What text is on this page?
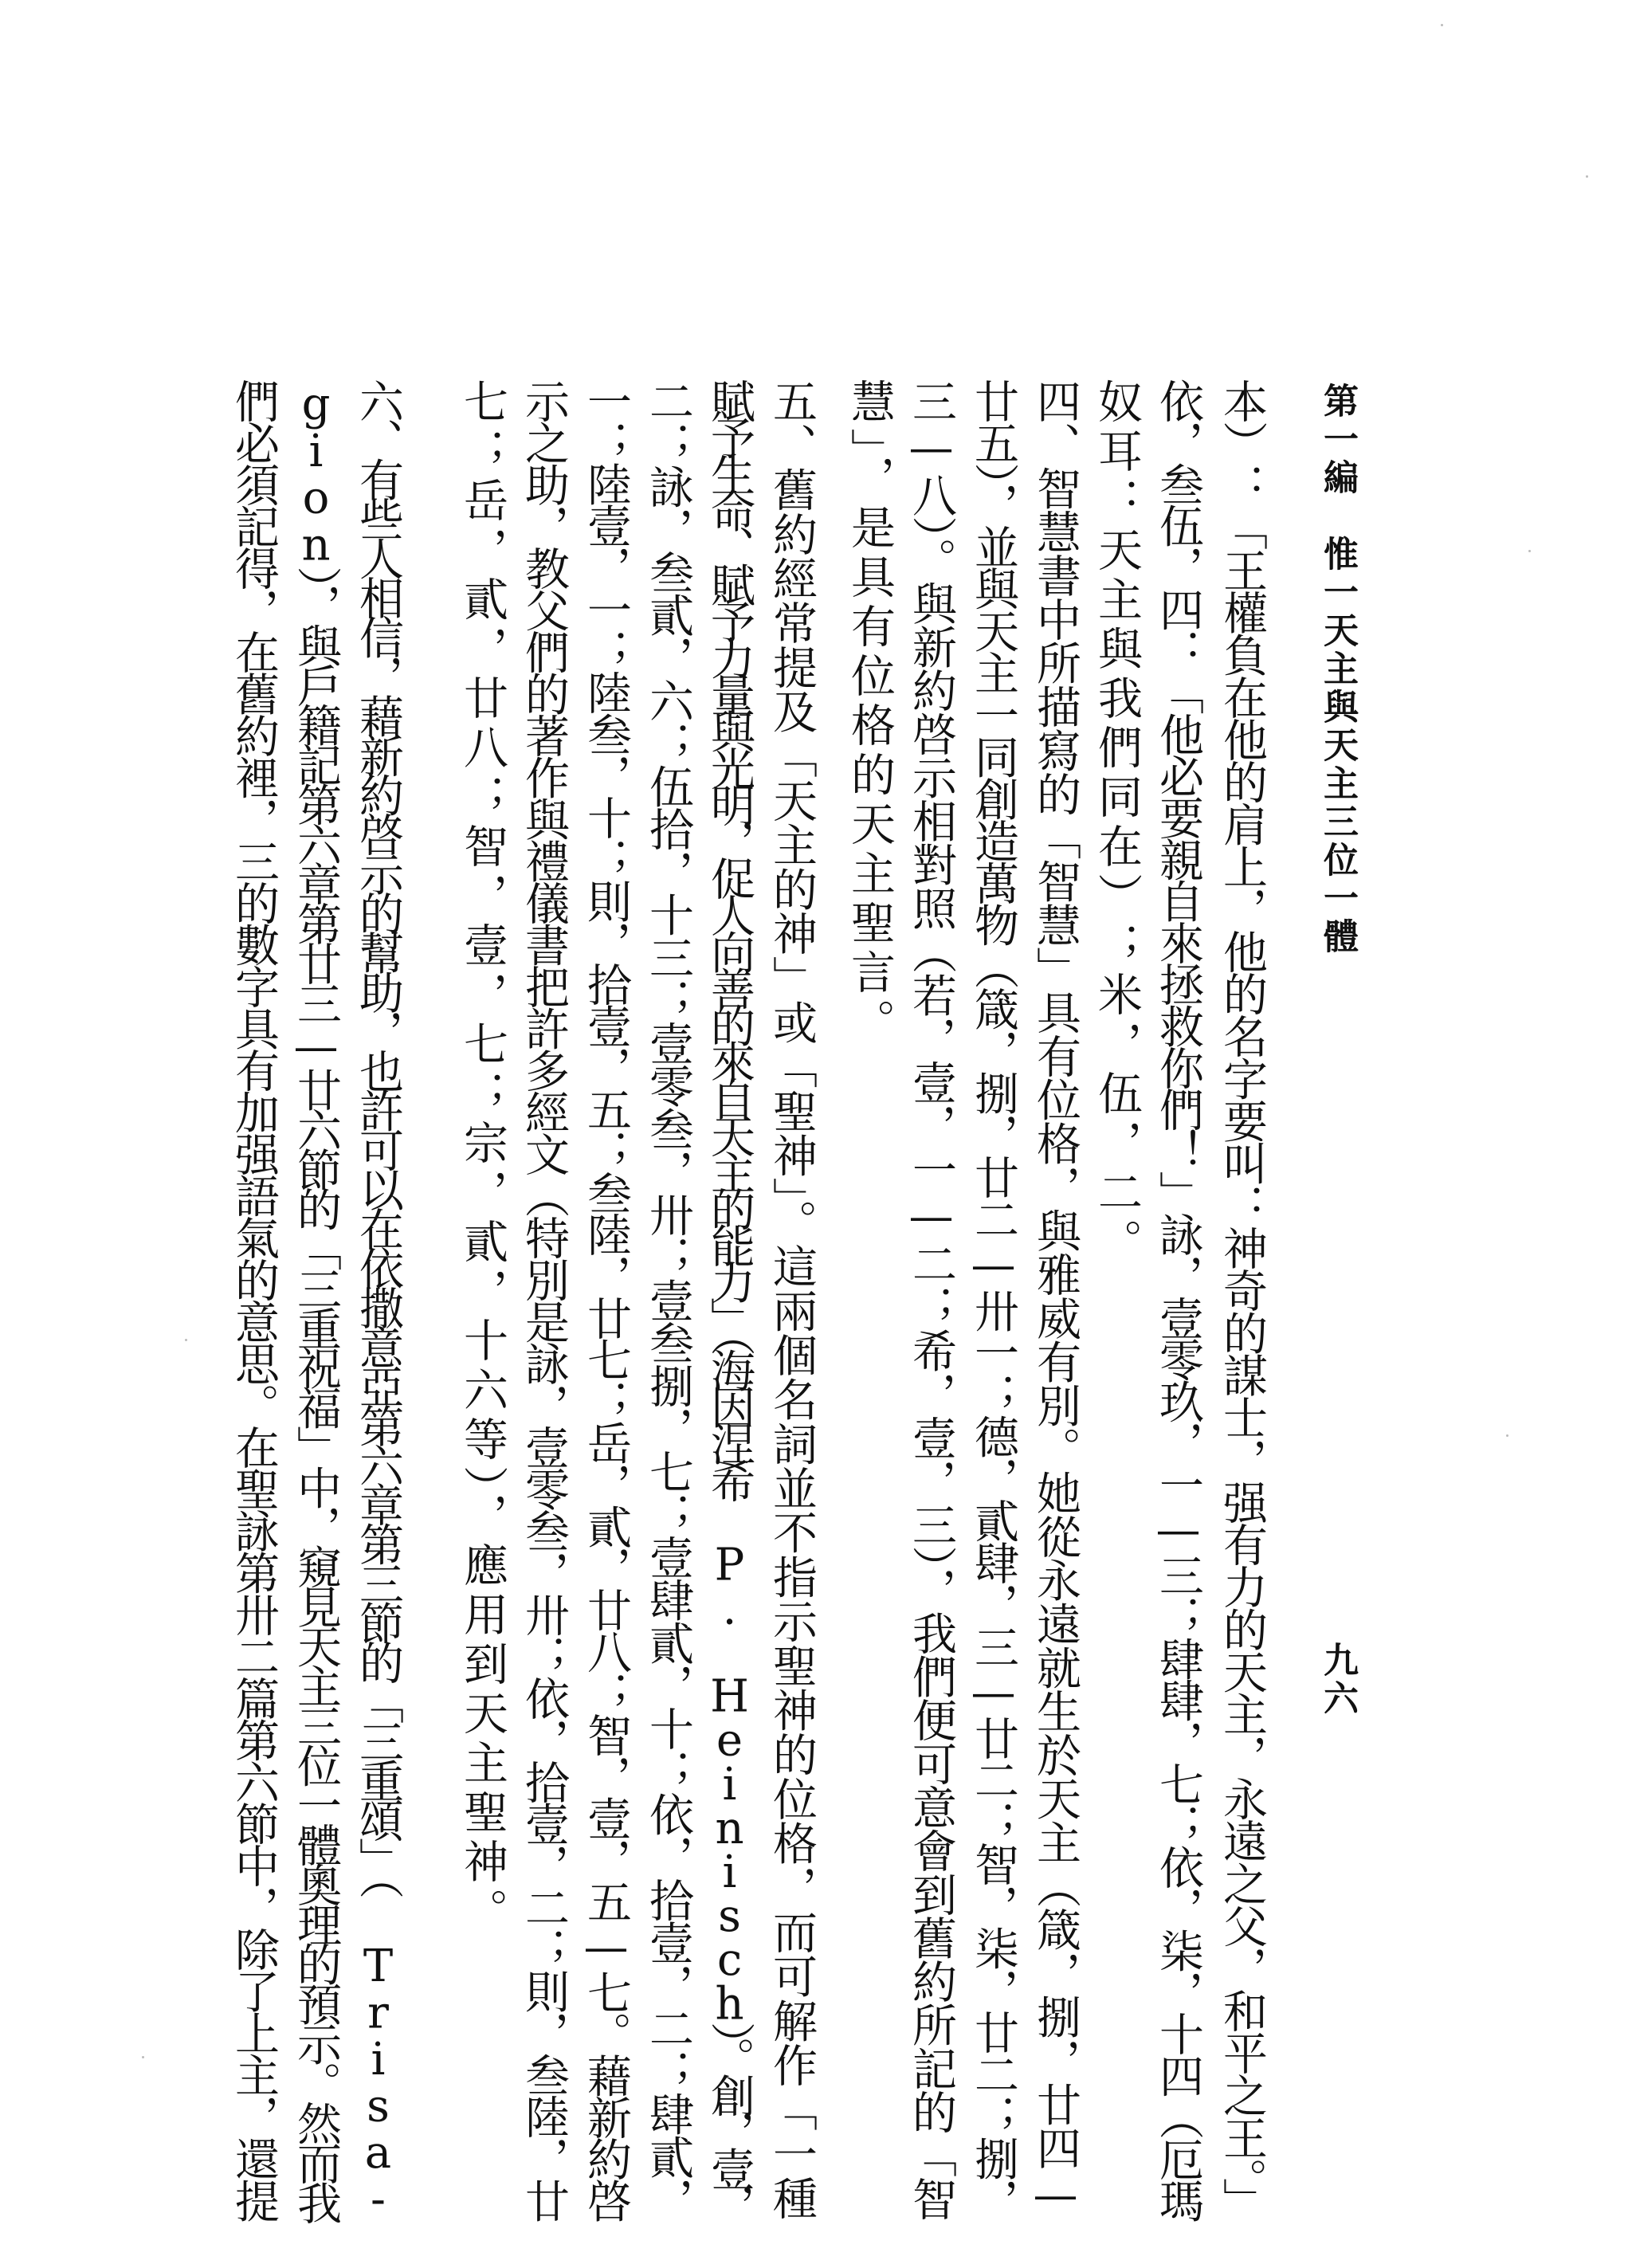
第一編　惟一天主與天主三位一體
九六
本）：「王權負在他的肩上，他的名字要叫：神奇的謀士，强有力的天主，永遠之父，和平之王。」
依，叁伍，四：「他必要親自來拯救你們！」詠，壹零玖，一—三；肆肆，七；依，柒，十四（厄瑪
奴耳：天主與我們同在）；米，伍，二。
四、智慧書中所描寫的「智慧」具有位格，與雅威有別。她從永遠就生於天主（箴，捌，廿四—
廿五），並與天主一同創造萬物（箴，捌，廿二—卅一；德，貳肆，三—廿二；智，柒，廿二；捌，
三—八）。與新約啓示相對照（若，壹，一—二；希，壹，三），我們便可意會到舊約所記的「智
慧」，是具有位格的天主聖言。
五、舊約經常提及「天主的神」或「聖神」。這兩個名詞並不指示聖神的位格，而可解作「一種
賦予生命、賦予力量與光明，促人向善的來自天主的能力」（海因涅希 P. Heinisch）。創，壹，
二；詠，叁貳，六；伍拾，十三；壹零叁，卅；壹叁捌，七；壹肆貳，十；依，拾壹，二；肆貳，
一；陸壹，一；陸叁，十；則，拾壹，五；叁陸，廿七；岳，貳，廿八；智，壹，五—七。藉新約啓
示之助，教父們的著作與禮儀書把許多經文（特別是詠，壹零叁，卅；依，拾壹，二；則，叁陸，廿
七；岳，貳，廿八；智，壹，七；宗，貳，十六等），應用到天主聖神。
六、有些人相信，藉新約啓示的幫助，也許可以在依撒意亞第六章第三節的「三重頌」（ Trisa-
gion），與戶籍記第六章第廿三—廿六節的「三重祝福」中，窺見天主三位一體奧理的預示。然而我
們必須記得，在舊約裡，三的數字具有加强語氣的意思。在聖詠第卅二篇第六節中，除了上主，還提
